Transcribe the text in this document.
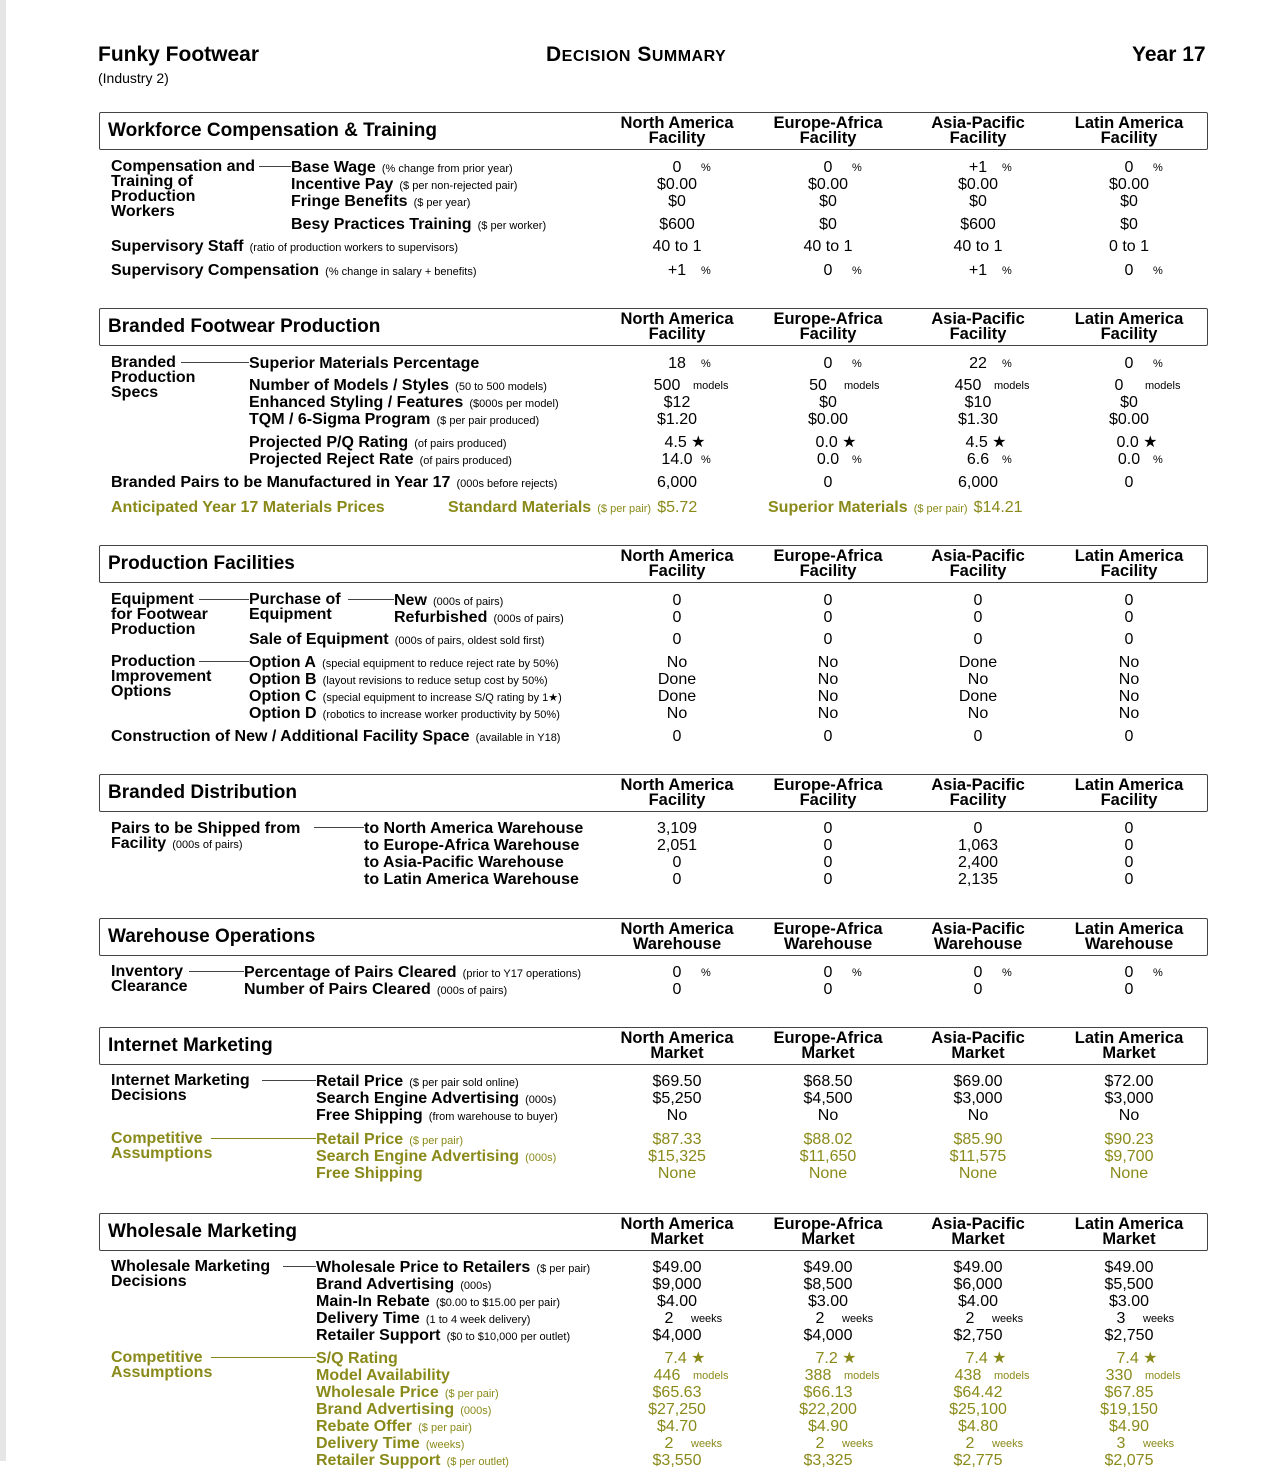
Funky Footwear
(Industry 2)
DECISION SUMMARY	Year 17
Workforce Compensation & Training	North America
Facility
Europe-Africa
Facility
Asia-Pacific
Facility
Latin America
Facility
Compensation and
Training of
Production
Workers
Base Wage  (% change from prior year)	0 %	0 %	+1 %	0 %
Incentive Pay  ($ per non-rejected pair)	$0.00	$0.00	$0.00	$0.00
Fringe Benefits  ($ per year)	$0	$0	$0	$0
Besy Practices Training  ($ per worker)	$600	$0	$600	$0
Supervisory Staff  (ratio of production workers to supervisors)	40 to 1	40 to 1	40 to 1	0 to 1
Supervisory Compensation  (% change in salary + benefits)	+1 %	0 %	+1 %	0 %
Branded Footwear Production	North America
Facility
Europe-Africa
Facility
Asia-Pacific
Facility
Latin America
Facility
Branded
Production
Specs
Superior Materials Percentage	18 %	0 %	22 %	0 %
Number of Models / Styles  (50 to 500 models)	500 models	50 models	450 models	0 models
Enhanced Styling / Features  ($000s per model)	$12	$0	$10	$0
TQM / 6-Sigma Program  ($ per pair produced)	$1.20	$0.00	$1.30	$0.00
Projected P/Q Rating  (of pairs produced)	4.5 ★	0.0 ★	4.5 ★	0.0 ★
Projected Reject Rate  (of pairs produced)	14.0 %	0.0 %	6.6 %	0.0 %
Branded Pairs to be Manufactured in Year 17  (000s before rejects)	6,000	0	6,000	0
Anticipated Year 17 Materials Prices	Standard Materials  ($ per pair)  $5.72	Superior Materials  ($ per pair)  $14.21
Production Facilities	North America
Facility
Europe-Africa
Facility
Asia-Pacific
Facility
Latin America
Facility
Equipment
for Footwear
Production
Purchase of
Equipment
Production
Improvement
Options
New  (000s of pairs)	0	0	0	0
Refurbished  (000s of pairs)	0	0	0	0
Sale of Equipment  (000s of pairs, oldest sold first)	0	0	0	0
Option A  (special equipment to reduce reject rate by 50%)	No	No	Done	No
Option B  (layout revisions to reduce setup cost by 50%)	Done	No	No	No
Option C  (special equipment to increase S/Q rating by 1★)	Done	No	Done	No
Option D  (robotics to increase worker productivity by 50%)	No	No	No	No
Construction of New / Additional Facility Space  (available in Y18)	0	0	0	0
Branded Distribution	North America
Facility
Europe-Africa
Facility
Asia-Pacific
Facility
Latin America
Facility
Pairs to be Shipped from
Facility  (000s of pairs)
to North America Warehouse	3,109	0	0	0
to Europe-Africa Warehouse	2,051	0	1,063	0
to Asia-Pacific Warehouse	0	0	2,400	0
to Latin America Warehouse	0	0	2,135	0
Warehouse Operations	North America
Warehouse
Europe-Africa
Warehouse
Asia-Pacific
Warehouse
Latin America
Warehouse
Inventory
Clearance
Percentage of Pairs Cleared  (prior to Y17 operations)	0 %	0 %	0 %	0 %
Number of Pairs Cleared  (000s of pairs)	0	0	0	0
Internet Marketing	North America
Market
Europe-Africa
Market
Asia-Pacific
Market
Latin America
Market
Internet Marketing
Decisions
Retail Price  ($ per pair sold online)	$69.50	$68.50	$69.00	$72.00
Search Engine Advertising  (000s)	$5,250	$4,500	$3,000	$3,000
Free Shipping  (from warehouse to buyer)	No	No	No	No
Competitive
Assumptions
Retail Price  ($ per pair)	$87.33	$88.02	$85.90	$90.23
Search Engine Advertising  (000s)	$15,325	$11,650	$11,575	$9,700
Free Shipping	None	None	None	None
Wholesale Marketing	North America
Market
Europe-Africa
Market
Asia-Pacific
Market
Latin America
Market
Wholesale Marketing
Decisions
Wholesale Price to Retailers  ($ per pair)	$49.00	$49.00	$49.00	$49.00
Brand Advertising  (000s)	$9,000	$8,500	$6,000	$5,500
Main-In Rebate  ($0.00 to $15.00 per pair)	$4.00	$3.00	$4.00	$3.00
Delivery Time  (1 to 4 week delivery)	2 weeks	2 weeks	2 weeks	3 weeks
Retailer Support  ($0 to $10,000 per outlet)	$4,000	$4,000	$2,750	$2,750
Competitive
Assumptions
S/Q Rating	7.4 ★	7.2 ★	7.4 ★	7.4 ★
Model Availability	446 models	388 models	438 models	330 models
Wholesale Price  ($ per pair)	$65.63	$66.13	$64.42	$67.85
Brand Advertising  (000s)	$27,250	$22,200	$25,100	$19,150
Rebate Offer  ($ per pair)	$4.70	$4.90	$4.80	$4.90
Delivery Time  (weeks)	2 weeks	2 weeks	2 weeks	3 weeks
Retailer Support  ($ per outlet)	$3,550	$3,325	$2,775	$2,075
